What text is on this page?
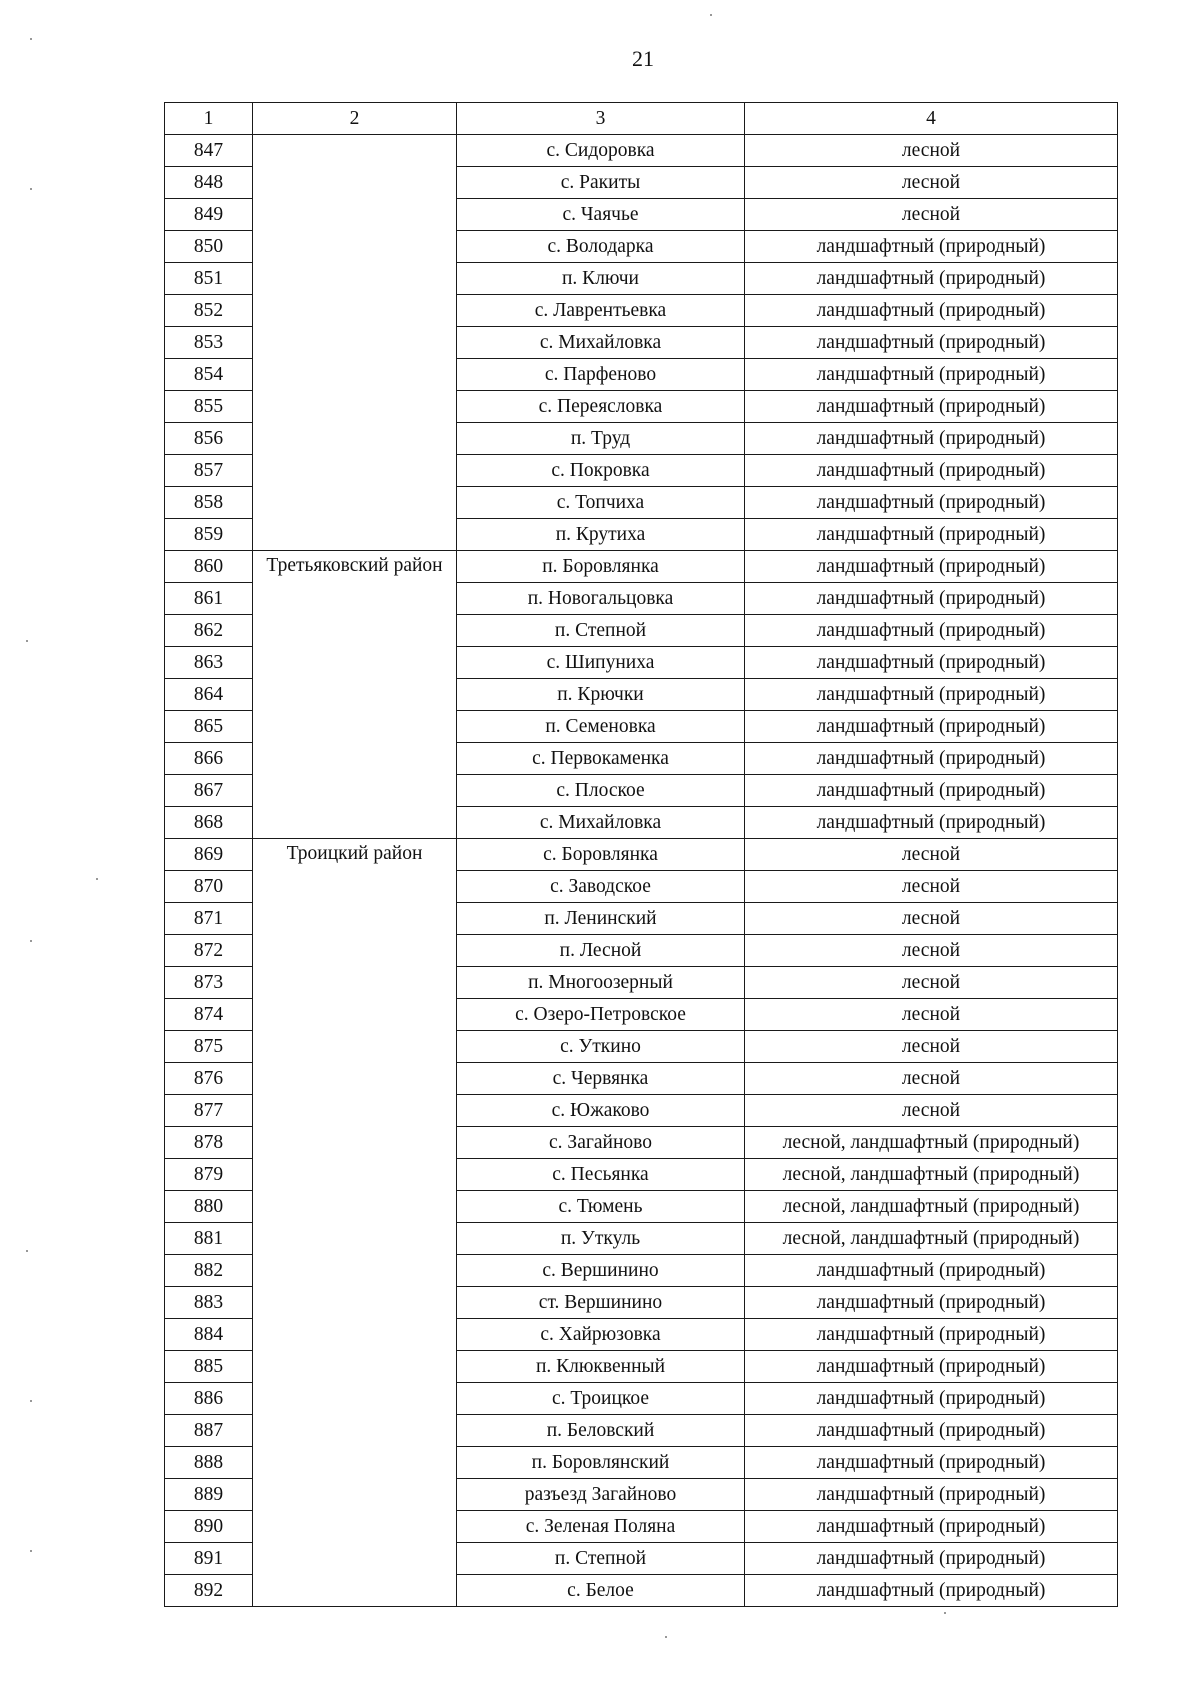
21
1	2	3	4
847		с. Сидоровка	лесной
848		с. Ракиты	лесной
849		с. Чаячье	лесной
850		с. Володарка	ландшафтный (природный)
851		п. Ключи	ландшафтный (природный)
852		с. Лаврентьевка	ландшафтный (природный)
853		с. Михайловка	ландшафтный (природный)
854		с. Парфеново	ландшафтный (природный)
855		с. Переясловка	ландшафтный (природный)
856		п. Труд	ландшафтный (природный)
857		с. Покровка	ландшафтный (природный)
858		с. Топчиха	ландшафтный (природный)
859		п. Крутиха	ландшафтный (природный)
860	Третьяковский район	п. Боровлянка	ландшафтный (природный)
861		п. Новогальцовка	ландшафтный (природный)
862		п. Степной	ландшафтный (природный)
863		с. Шипуниха	ландшафтный (природный)
864		п. Крючки	ландшафтный (природный)
865		п. Семеновка	ландшафтный (природный)
866		с. Первокаменка	ландшафтный (природный)
867		с. Плоское	ландшафтный (природный)
868		с. Михайловка	ландшафтный (природный)
869	Троицкий район	с. Боровлянка	лесной
870		с. Заводское	лесной
871		п. Ленинский	лесной
872		п. Лесной	лесной
873		п. Многоозерный	лесной
874		с. Озеро-Петровское	лесной
875		с. Уткино	лесной
876		с. Червянка	лесной
877		с. Южаково	лесной
878		с. Загайново	лесной, ландшафтный (природный)
879		с. Песьянка	лесной, ландшафтный (природный)
880		с. Тюмень	лесной, ландшафтный (природный)
881		п. Уткуль	лесной, ландшафтный (природный)
882		с. Вершинино	ландшафтный (природный)
883		ст. Вершинино	ландшафтный (природный)
884		с. Хайрюзовка	ландшафтный (природный)
885		п. Клюквенный	ландшафтный (природный)
886		с. Троицкое	ландшафтный (природный)
887		п. Беловский	ландшафтный (природный)
888		п. Боровлянский	ландшафтный (природный)
889		разъезд Загайново	ландшафтный (природный)
890		с. Зеленая Поляна	ландшафтный (природный)
891		п. Степной	ландшафтный (природный)
892		с. Белое	ландшафтный (природный)
